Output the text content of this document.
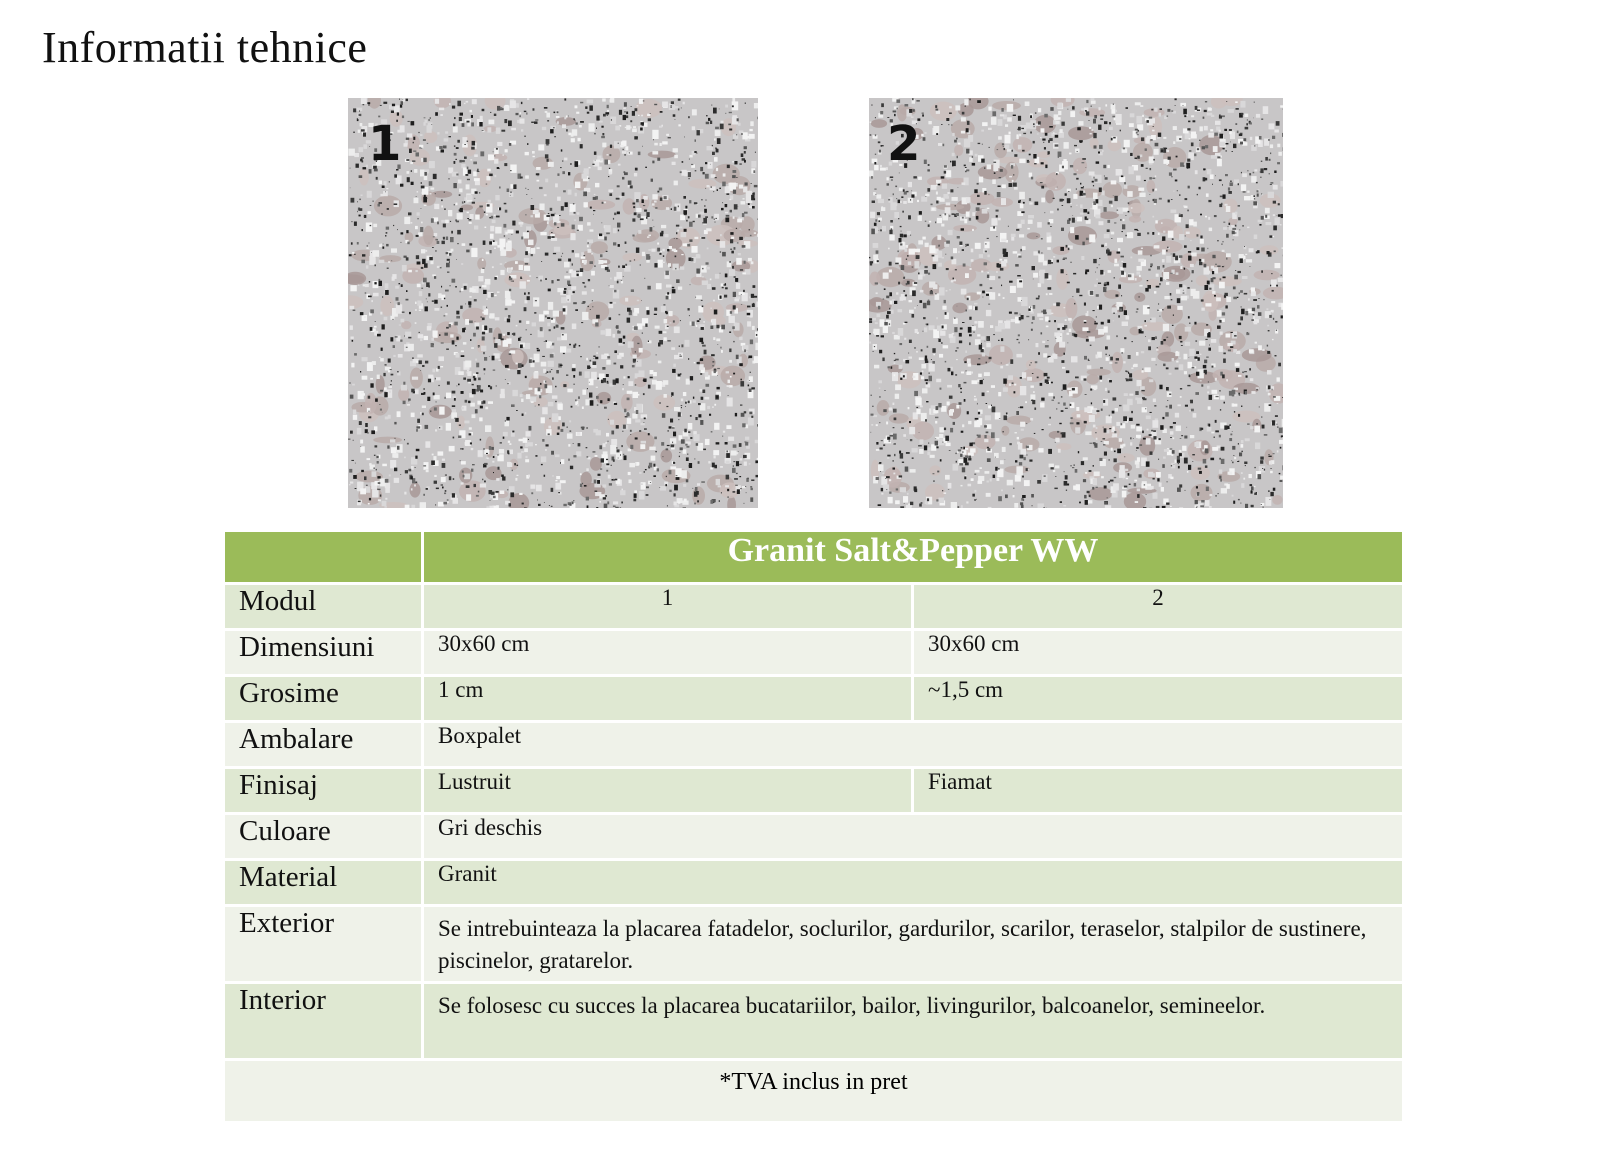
Informatii tehnice
1	2
	Granit Salt&Pepper WW	
Modul	1	2
Dimensiuni	30x60 cm	30x60 cm
Grosime	1 cm	~1,5 cm
Ambalare	Boxpalet	
Finisaj	Lustruit	Fiamat
Culoare	Gri deschis	
Material	Granit	
Exterior	Se intrebuinteaza la placarea fatadelor, soclurilor, gardurilor, scarilor, teraselor, stalpilor de sustinere, piscinelor, gratarelor.	
Interior	Se folosesc cu succes la placarea bucatariilor, bailor, livingurilor, balcoanelor, semineelor.	
*TVA inclus in pret		
